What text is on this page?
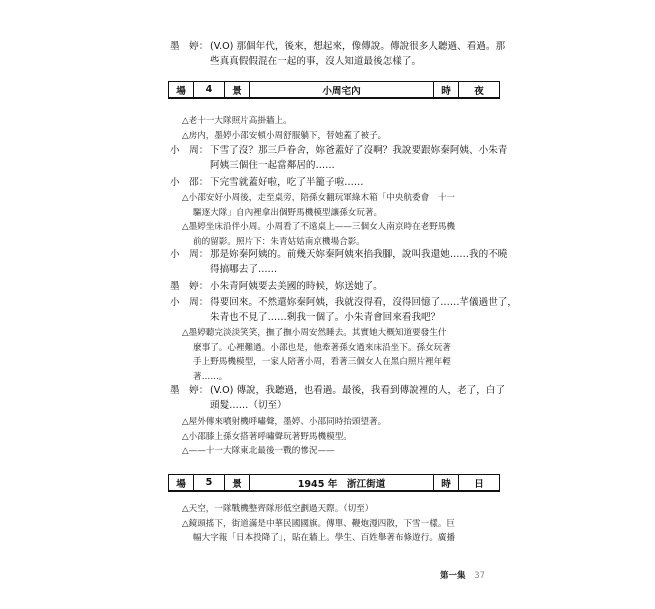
墨　婷： (V.O) 那個年代，後來，想起來，像傳說。傳說很多人聽過、看過。那
些真真假假混在一起的事，沒人知道最後怎樣了。
場	4	景	小周宅內	時	夜
△老十一大隊照片高掛牆上。
△房内，墨婷小邵安頓小周舒服躺下，替她蓋了被子。
小　周： 下雪了沒？那三戶眷舍，妳爸蓋好了沒啊？我說要跟妳秦阿姨、小朱青
阿姨三個住一起當鄰居的……
小　邵： 下完雪就蓋好啦，吃了半籠子啦……
△小邵安好小周後，走至桌旁，陪孫女翻玩軍綠木箱「中央航委會　十一
驅逐大隊」自內裡拿出個野馬機模型讓孫女玩著。
△墨婷坐床沿伴小周。小周看了不遠桌上——三個女人南京時在老野馬機
前的留影。照片下：朱青姑姑南京機場合影。
小　周： 那是妳秦阿姨的。前幾天妳秦阿姨來掐我腳，說叫我還她……我的不曉
得搞哪去了……
墨　婷： 小朱青阿姨要去美國的時候，妳送她了。
小　周： 得要回來。不然還妳秦阿姨，我就沒得看，沒得回憶了……芊儀過世了，
朱青也不見了……剩我一個了。小朱青會回來看我吧？
△墨婷聽完淡淡笑笑，撫了撫小周安然睡去。其實她大概知道要發生什
麼事了。心裡難過。小邵也是，他牽著孫女過來床沿坐下。孫女玩著
手上野馬機模型，一家人陪著小周，看著三個女人在黑白照片裡年輕
著……。
墨　婷： (V.O) 傳說，我聽過，也看過。最後，我看到傳說裡的人，老了，白了
頭髮……（切至）
△屋外傳來噴射機呼嘯聲，墨婷、小邵同時抬頭望著。
△小邵膝上孫女搭著呼嘯聲玩著野馬機模型。
△——十一大隊東北最後一戰的慘況——
場	5	景	1945 年　浙江街道	時	日
△天空，一隊戰機整齊隊形低空劃過天際。（切至）
△鏡頭搖下，街道滿是中華民國國旗。傳單、鞭炮漫四散，下雪一樣。巨
幅大字報「日本投降了」，貼在牆上。學生、百姓舉著布條遊行。廣播
第一集 37
